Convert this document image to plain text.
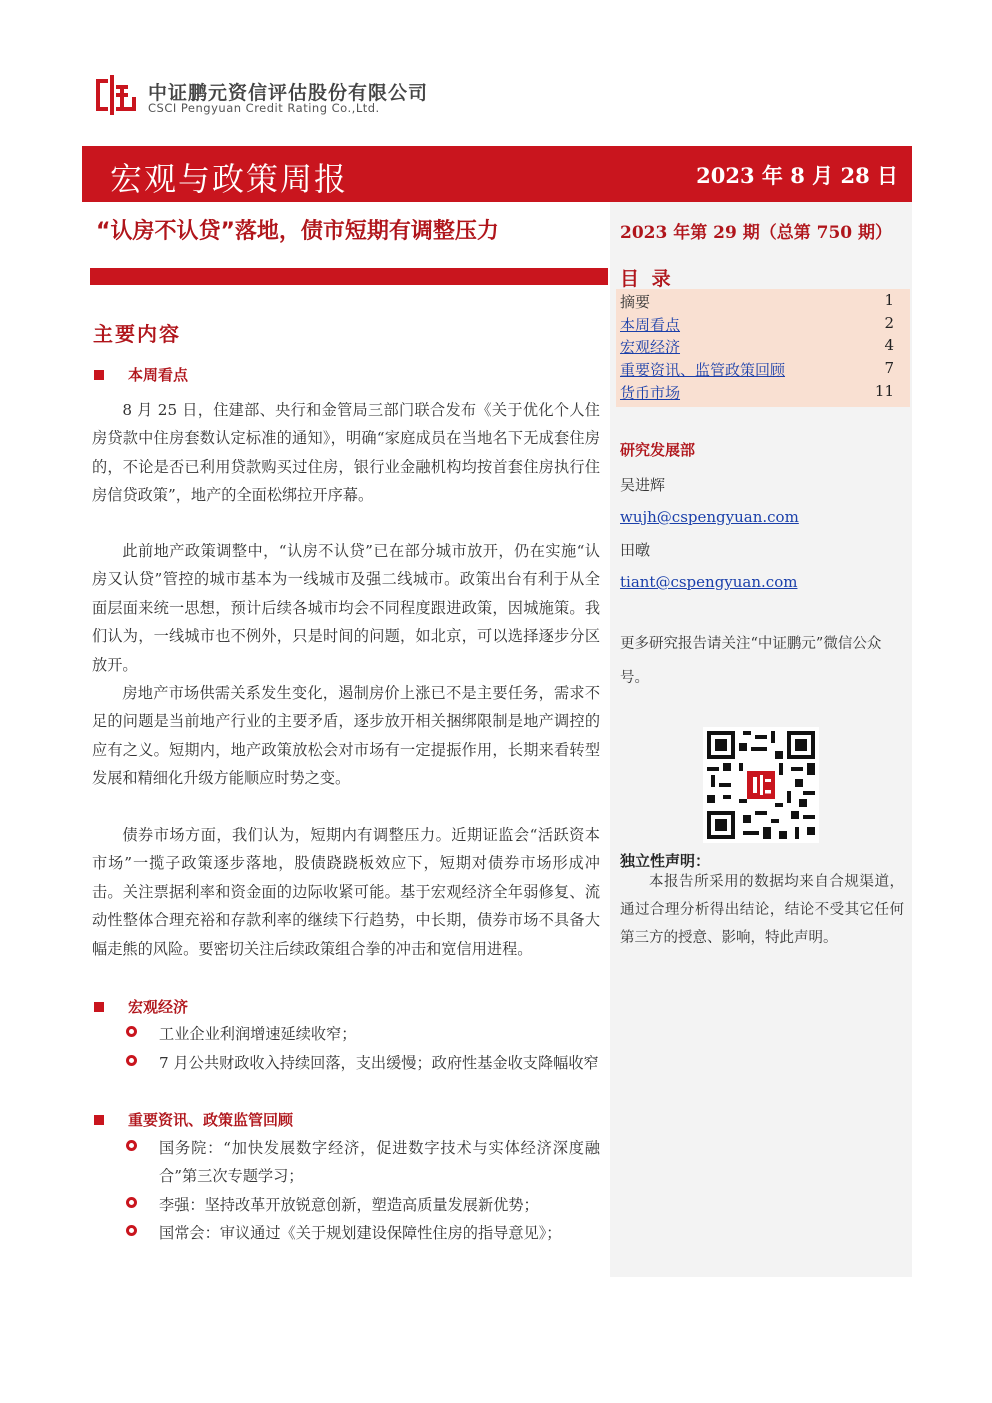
中证鹏元资信评估股份有限公司
CSCI Pengyuan Credit Rating Co.,Ltd.
宏观与政策周报	2023 年 8 月 28 日
2023 年第 29 期（总第 750 期）
目 录
摘要	1
本周看点	2
宏观经济	4
重要资讯、监管政策回顾	7
货币市场	11
研究发展部
吴进辉
wujh@cspengyuan.com
田暾
tiant@cspengyuan.com
更多研究报告请关注“中证鹏元”微信公众号。
独立性声明：
本报告所采用的数据均来自合规渠道，通过合理分析得出结论，结论不受其它任何第三方的授意、影响，特此声明。
“认房不认贷”落地，债市短期有调整压力
主要内容
本周看点
8 月 25 日，住建部、央行和金管局三部门联合发布《关于优化个人住房贷款中住房套数认定标准的通知》，明确“家庭成员在当地名下无成套住房的，不论是否已利用贷款购买过住房，银行业金融机构均按首套住房执行住房信贷政策”，地产的全面松绑拉开序幕。
此前地产政策调整中，“认房不认贷”已在部分城市放开，仍在实施“认房又认贷”管控的城市基本为一线城市及强二线城市。政策出台有利于从全面层面来统一思想，预计后续各城市均会不同程度跟进政策，因城施策。我们认为，一线城市也不例外，只是时间的问题，如北京，可以选择逐步分区放开。
房地产市场供需关系发生变化，遏制房价上涨已不是主要任务，需求不足的问题是当前地产行业的主要矛盾，逐步放开相关捆绑限制是地产调控的应有之义。短期内，地产政策放松会对市场有一定提振作用，长期来看转型发展和精细化升级方能顺应时势之变。
债券市场方面，我们认为，短期内有调整压力。近期证监会“活跃资本市场”一揽子政策逐步落地，股债跷跷板效应下，短期对债券市场形成冲击。关注票据利率和资金面的边际收紧可能。基于宏观经济全年弱修复、流动性整体合理充裕和存款利率的继续下行趋势，中长期，债券市场不具备大幅走熊的风险。要密切关注后续政策组合拳的冲击和宽信用进程。
宏观经济
工业企业利润增速延续收窄；
7 月公共财政收入持续回落，支出缓慢；政府性基金收支降幅收窄
重要资讯、政策监管回顾
国务院：“加快发展数字经济，促进数字技术与实体经济深度融合”第三次专题学习；
李强：坚持改革开放锐意创新，塑造高质量发展新优势；
国常会：审议通过《关于规划建设保障性住房的指导意见》；
